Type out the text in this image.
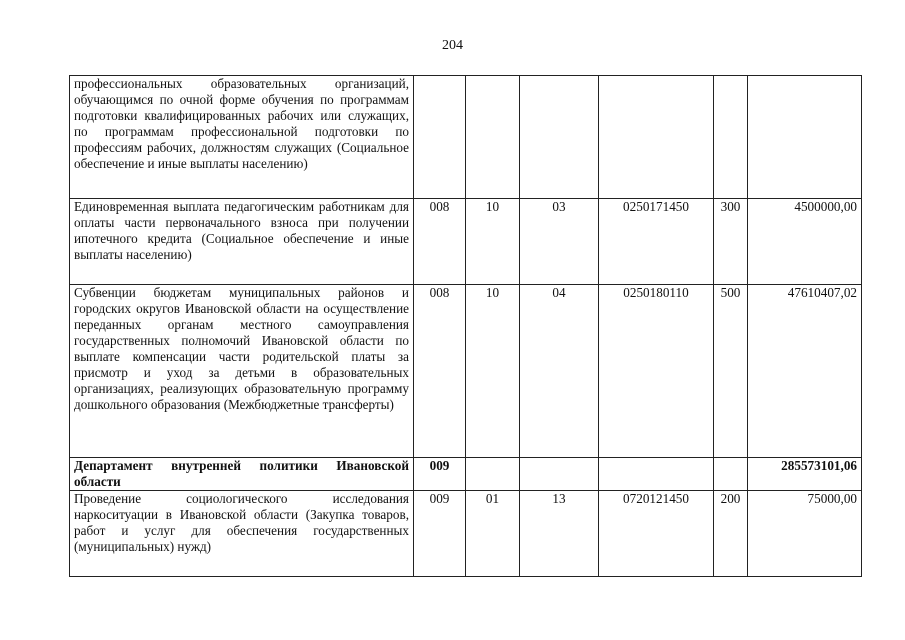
204
профессиональных образовательных организаций, обучающимся по очной форме обучения по программам подготовки квалифицированных рабочих или служащих, по программам профессиональной подготовки по профессиям рабочих, должностям служащих (Социальное обеспечение и иные выплаты населению)						
Единовременная выплата педагогическим работникам для оплаты части первоначального взноса при получении ипотечного кредита (Социальное обеспечение и иные выплаты населению)	008	10	03	0250171450	300	4500000,00
Субвенции бюджетам муниципальных районов и городских округов Ивановской области на осуществление переданных органам местного самоуправления государственных полномочий Ивановской области по выплате компенсации части родительской платы за присмотр и уход за детьми в образовательных организациях, реализующих образовательную программу дошкольного образования (Межбюджетные трансферты)	008	10	04	0250180110	500	47610407,02
Департамент внутренней политики Ивановской области	009					285573101,06
Проведение социологического исследования наркоситуации в Ивановской области (Закупка товаров, работ и услуг для обеспечения государственных (муниципальных) нужд)	009	01	13	0720121450	200	75000,00
